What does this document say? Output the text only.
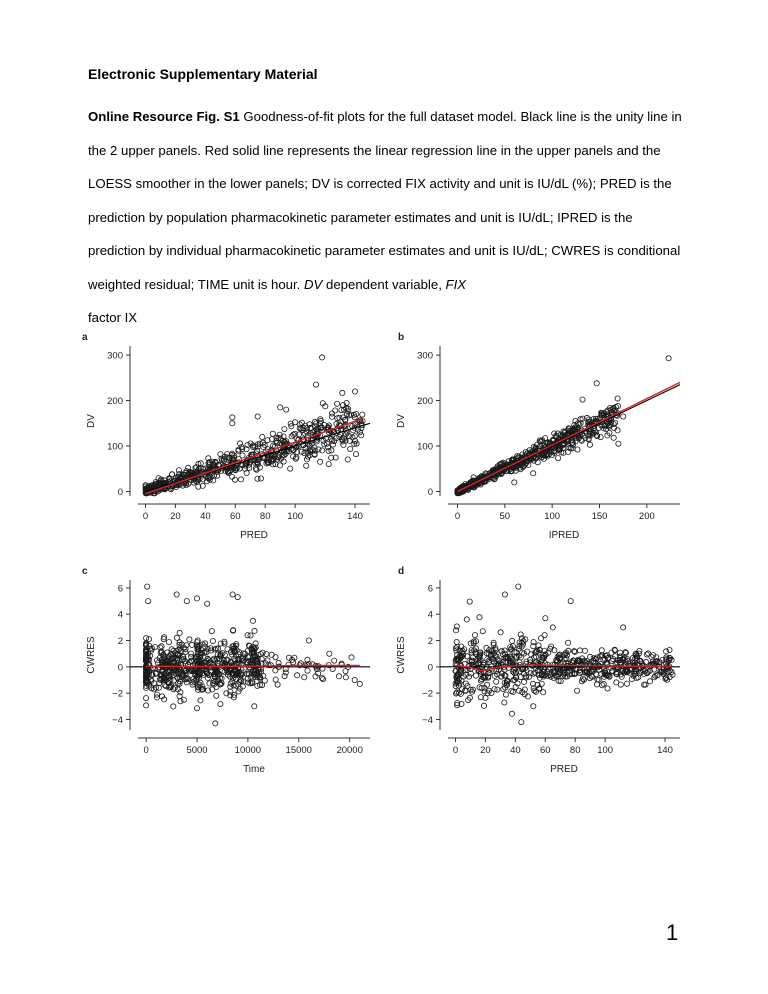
Electronic Supplementary Material
Online Resource Fig. S1 Goodness-of-fit plots for the full dataset model. Black line is the unity line in the 2 upper panels. Red solid line represents the linear regression line in the upper panels and the LOESS smoother in the lower panels; DV is corrected FIX activity and unit is IU/dL (%); PRED is the prediction by population pharmacokinetic parameter estimates and unit is IU/dL; IPRED is the prediction by individual pharmacokinetic parameter estimates and unit is IU/dL; CWRES is conditional weighted residual; TIME unit is hour. DV dependent variable, FIX
factor IX
a
0
100
200
300
0 20 40 60 80 100	140
PRED
DV
b
0
100
200
300
0	50	100	150	200
IPRED
DV
c
−4
−2
0
2
4
6
0	5000	10000	15000	20000
Time
CWRES
d
−4
−2
0
2
4
6
0 20 40 60 80 100	140
PRED
CWRES
1
